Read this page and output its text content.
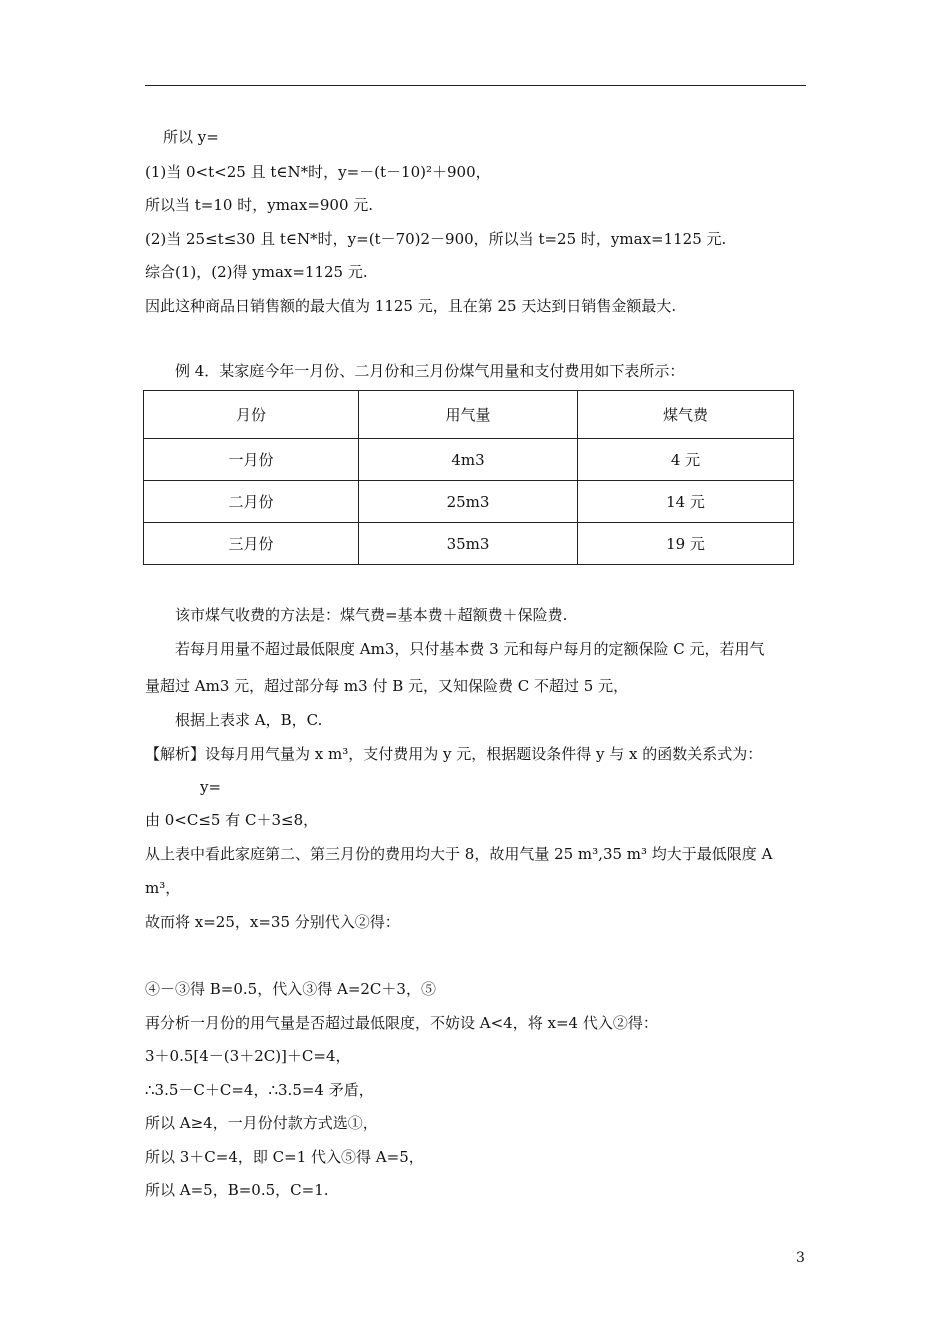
所以 y=
(1)当 0<t<25 且 t∈N*时，y=－(t－10)²＋900，
所以当 t=10 时，ymax=900 元.
(2)当 25≤t≤30 且 t∈N*时，y=(t－70)2－900，所以当 t=25 时，ymax=1125 元.
综合(1)，(2)得 ymax=1125 元.
因此这种商品日销售额的最大值为 1125 元，且在第 25 天达到日销售金额最大.
例 4．某家庭今年一月份、二月份和三月份煤气用量和支付费用如下表所示：
月份	用气量	煤气费
一月份	4m3	4 元
二月份	25m3	14 元
三月份	35m3	19 元
该市煤气收费的方法是：煤气费=基本费＋超额费＋保险费.
若每月用量不超过最低限度 Am3，只付基本费 3 元和每户每月的定额保险 C 元，若用气
量超过 Am3 元，超过部分每 m3 付 B 元，又知保险费 C 不超过 5 元，
根据上表求 A，B，C.
【解析】设每月用气量为 x m³，支付费用为 y 元，根据题设条件得 y 与 x 的函数关系式为：
y=
由 0<C≤5 有 C＋3≤8，
从上表中看此家庭第二、第三月份的费用均大于 8，故用气量 25 m³,35 m³ 均大于最低限度 A
m³，
故而将 x=25，x=35 分别代入②得：
④－③得 B=0.5，代入③得 A=2C＋3，⑤
再分析一月份的用气量是否超过最低限度，不妨设 A<4，将 x=4 代入②得：
3＋0.5[4－(3＋2C)]＋C=4，
∴3.5－C＋C=4，∴3.5=4 矛盾，
所以 A≥4，一月份付款方式选①，
所以 3＋C=4，即 C=1 代入⑤得 A=5，
所以 A=5，B=0.5，C=1.
3
